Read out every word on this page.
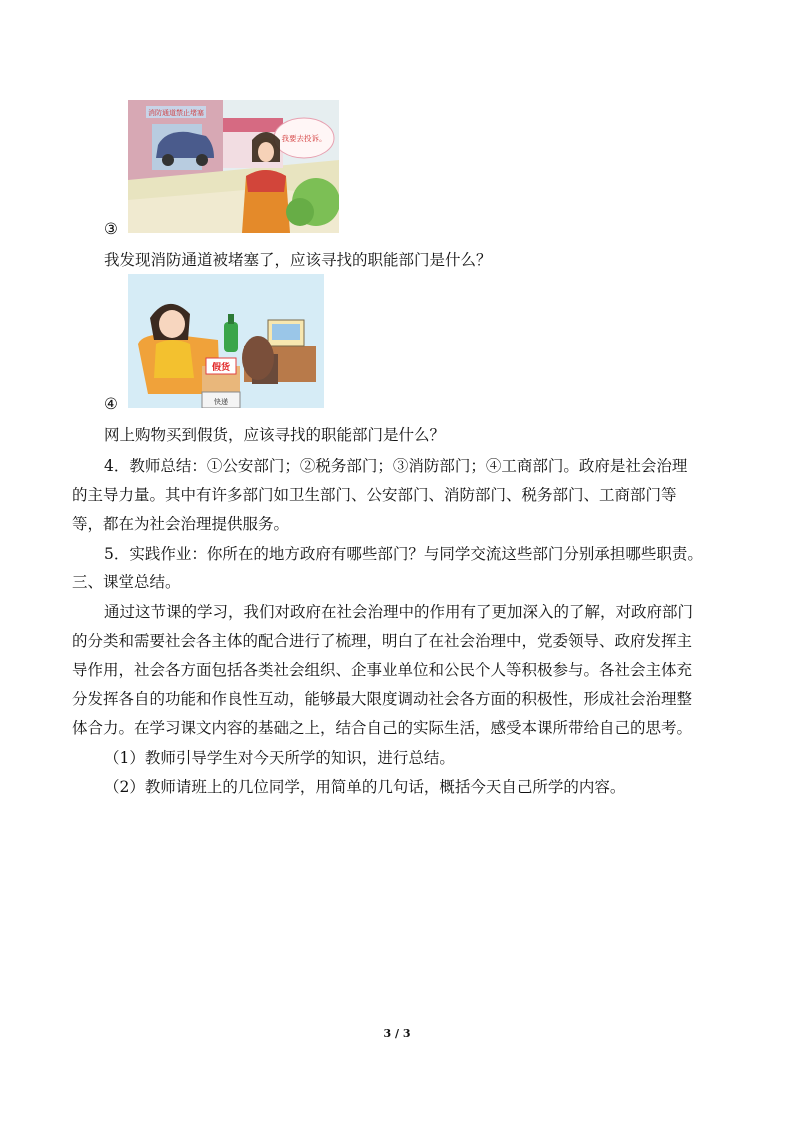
消防通道禁止堵塞
我要去投诉。
③
我发现消防通道被堵塞了，应该寻找的职能部门是什么？
快递
假货
④
网上购物买到假货，应该寻找的职能部门是什么？
4．教师总结：①公安部门；②税务部门；③消防部门；④工商部门。政府是社会治理
的主导力量。其中有许多部门如卫生部门、公安部门、消防部门、税务部门、工商部门等
等，都在为社会治理提供服务。
5．实践作业：你所在的地方政府有哪些部门？与同学交流这些部门分别承担哪些职责。
三、课堂总结。
通过这节课的学习，我们对政府在社会治理中的作用有了更加深入的了解，对政府部门
的分类和需要社会各主体的配合进行了梳理，明白了在社会治理中，党委领导、政府发挥主
导作用，社会各方面包括各类社会组织、企事业单位和公民个人等积极参与。各社会主体充
分发挥各自的功能和作良性互动，能够最大限度调动社会各方面的积极性，形成社会治理整
体合力。在学习课文内容的基础之上，结合自己的实际生活，感受本课所带给自己的思考。
（1）教师引导学生对今天所学的知识，进行总结。
（2）教师请班上的几位同学，用简单的几句话，概括今天自己所学的内容。
3 / 3
